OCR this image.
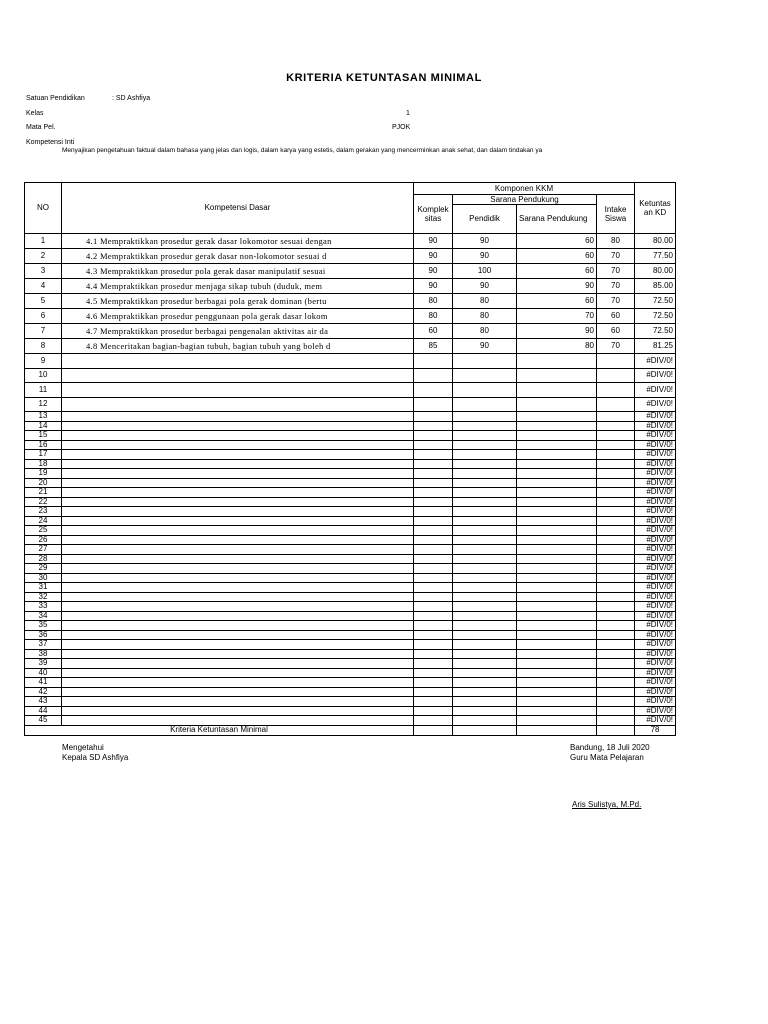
KRITERIA KETUNTASAN MINIMAL
Satuan Pendidikan	: SD Ashfiya
Kelas	1
Mata Pel.	PJOK
Kompetensi Inti
Menyajikan pengetahuan faktual dalam bahasa yang jelas dan logis, dalam karya yang estetis, dalam gerakan yang mencerminkan anak sehat, dan dalam tindakan ya
NO	Kompetensi Dasar	Komponen KKM				Ketuntas an KD
		Komplek sitas	Sarana Pendukung		Intake Siswa	
			Pendidik	Sarana Pendukung		
1	4.1 Mempraktikkan prosedur gerak dasar lokomotor sesuai dengan	90	90	60	80	80.00
2	4.2 Mempraktikkan prosedur gerak dasar non-lokomotor sesuai d	90	90	60	70	77.50
3	4.3 Mempraktikkan prosedur pola gerak dasar manipulatif sesuai	90	100	60	70	80.00
4	4.4 Mempraktikkan prosedur menjaga sikap tubuh (duduk, mem	90	90	90	70	85.00
5	4.5 Mempraktikkan prosedur berbagai pola gerak dominan (bertu	80	80	60	70	72.50
6	4.6 Mempraktikkan prosedur penggunaan pola gerak dasar lokom	80	80	70	60	72.50
7	4.7 Mempraktikkan prosedur berbagai pengenalan aktivitas air da	60	80	90	60	72.50
8	4.8 Menceritakan bagian-bagian tubuh, bagian tubuh yang boleh d	85	90	80	70	81.25
9						#DIV/0!
10						#DIV/0!
11						#DIV/0!
12						#DIV/0!
13						#DIV/0!
14						#DIV/0!
15						#DIV/0!
16						#DIV/0!
17						#DIV/0!
18						#DIV/0!
19						#DIV/0!
20						#DIV/0!
21						#DIV/0!
22						#DIV/0!
23						#DIV/0!
24						#DIV/0!
25						#DIV/0!
26						#DIV/0!
27						#DIV/0!
28						#DIV/0!
29						#DIV/0!
30						#DIV/0!
31						#DIV/0!
32						#DIV/0!
33						#DIV/0!
34						#DIV/0!
35						#DIV/0!
36						#DIV/0!
37						#DIV/0!
38						#DIV/0!
39						#DIV/0!
40						#DIV/0!
41						#DIV/0!
42						#DIV/0!
43						#DIV/0!
44						#DIV/0!
45						#DIV/0!
Kriteria Ketuntasan Minimal						78
Mengetahui
Kepala SD Ashfiya
Bandung, 18 Juli 2020
Guru Mata Pelajaran
Aris Sulistya, M.Pd.
